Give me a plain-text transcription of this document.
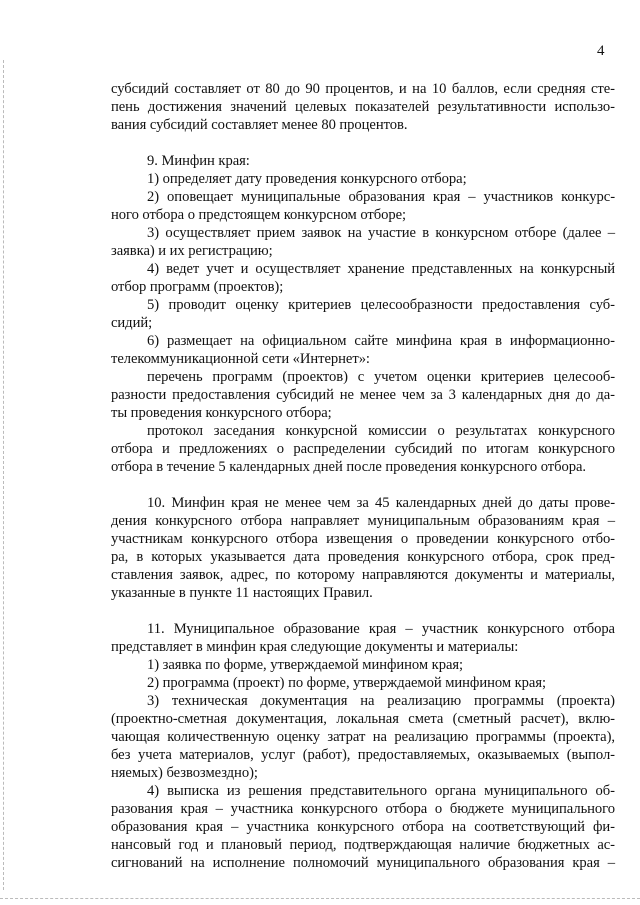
4
субсидий составляет от 80 до 90 процентов, и на 10 баллов, если средняя сте-
пень достижения значений целевых показателей результативности использо-
вания субсидий составляет менее 80 процентов.
9. Минфин края:
1) определяет дату проведения конкурсного отбора;
2) оповещает муниципальные образования края – участников конкурс-
ного отбора о предстоящем конкурсном отборе;
3) осуществляет прием заявок на участие в конкурсном отборе (далее –
заявка) и их регистрацию;
4) ведет учет и осуществляет хранение представленных на конкурсный
отбор программ (проектов);
5) проводит оценку критериев целесообразности предоставления суб-
сидий;
6) размещает на официальном сайте минфина края в информационно-
телекоммуникационной сети «Интернет»:
перечень программ (проектов) с учетом оценки критериев целесооб-
разности предоставления субсидий не менее чем за 3 календарных дня до да-
ты проведения конкурсного отбора;
протокол заседания конкурсной комиссии о результатах конкурсного
отбора и предложениях о распределении субсидий по итогам конкурсного
отбора в течение 5 календарных дней после проведения конкурсного отбора.
10. Минфин края не менее чем за 45 календарных дней до даты прове-
дения конкурсного отбора направляет муниципальным образованиям края –
участникам конкурсного отбора извещения о проведении конкурсного отбо-
ра, в которых указывается дата проведения конкурсного отбора, срок пред-
ставления заявок, адрес, по которому направляются документы и материалы,
указанные в пункте 11 настоящих Правил.
11. Муниципальное образование края – участник конкурсного отбора
представляет в минфин края следующие документы и материалы:
1) заявка по форме, утверждаемой минфином края;
2) программа (проект) по форме, утверждаемой минфином края;
3) техническая документация на реализацию программы (проекта)
(проектно-сметная документация, локальная смета (сметный расчет), вклю-
чающая количественную оценку затрат на реализацию программы (проекта),
без учета материалов, услуг (работ), предоставляемых, оказываемых (выпол-
няемых) безвозмездно);
4) выписка из решения представительного органа муниципального об-
разования края – участника конкурсного отбора о бюджете муниципального
образования края – участника конкурсного отбора на соответствующий фи-
нансовый год и плановый период, подтверждающая наличие бюджетных ас-
сигнований на исполнение полномочий муниципального образования края –
